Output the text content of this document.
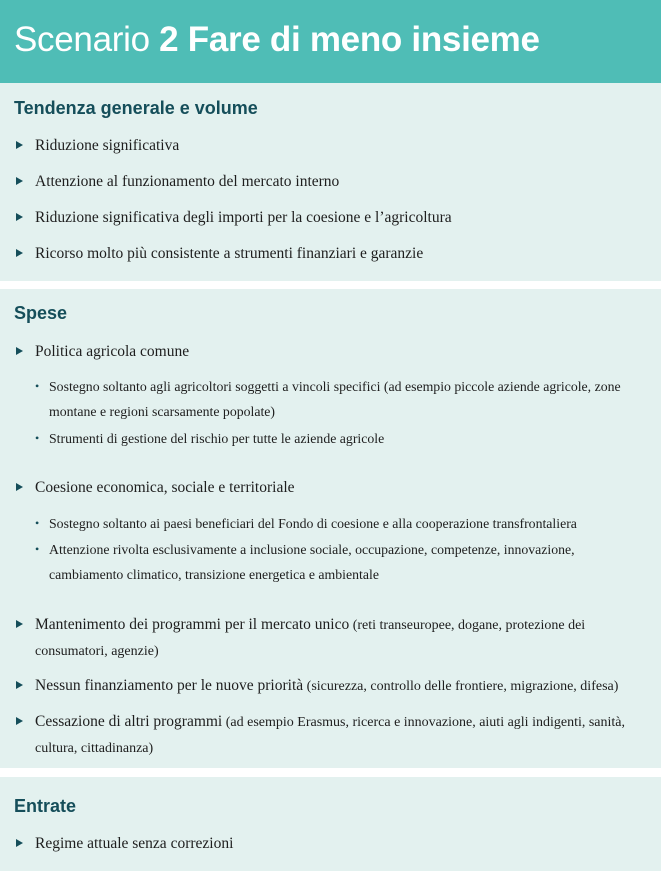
Scenario 2 Fare di meno insieme
Tendenza generale e volume
Riduzione significativa
Attenzione al funzionamento del mercato interno
Riduzione significativa degli importi per la coesione e l’agricoltura
Ricorso molto più consistente a strumenti finanziari e garanzie
Spese
Politica agricola comune
• Sostegno soltanto agli agricoltori soggetti a vincoli specifici (ad esempio piccole aziende agricole, zone montane e regioni scarsamente popolate)
• Strumenti di gestione del rischio per tutte le aziende agricole
Coesione economica, sociale e territoriale
• Sostegno soltanto ai paesi beneficiari del Fondo di coesione e alla cooperazione transfrontaliera
• Attenzione rivolta esclusivamente a inclusione sociale, occupazione, competenze, innovazione, cambiamento climatico, transizione energetica e ambientale
Mantenimento dei programmi per il mercato unico (reti transeuropee, dogane, protezione dei consumatori, agenzie)
Nessun finanziamento per le nuove priorità (sicurezza, controllo delle frontiere, migrazione, difesa)
Cessazione di altri programmi (ad esempio Erasmus, ricerca e innovazione, aiuti agli indigenti, sanità, cultura, cittadinanza)
Entrate
Regime attuale senza correzioni
